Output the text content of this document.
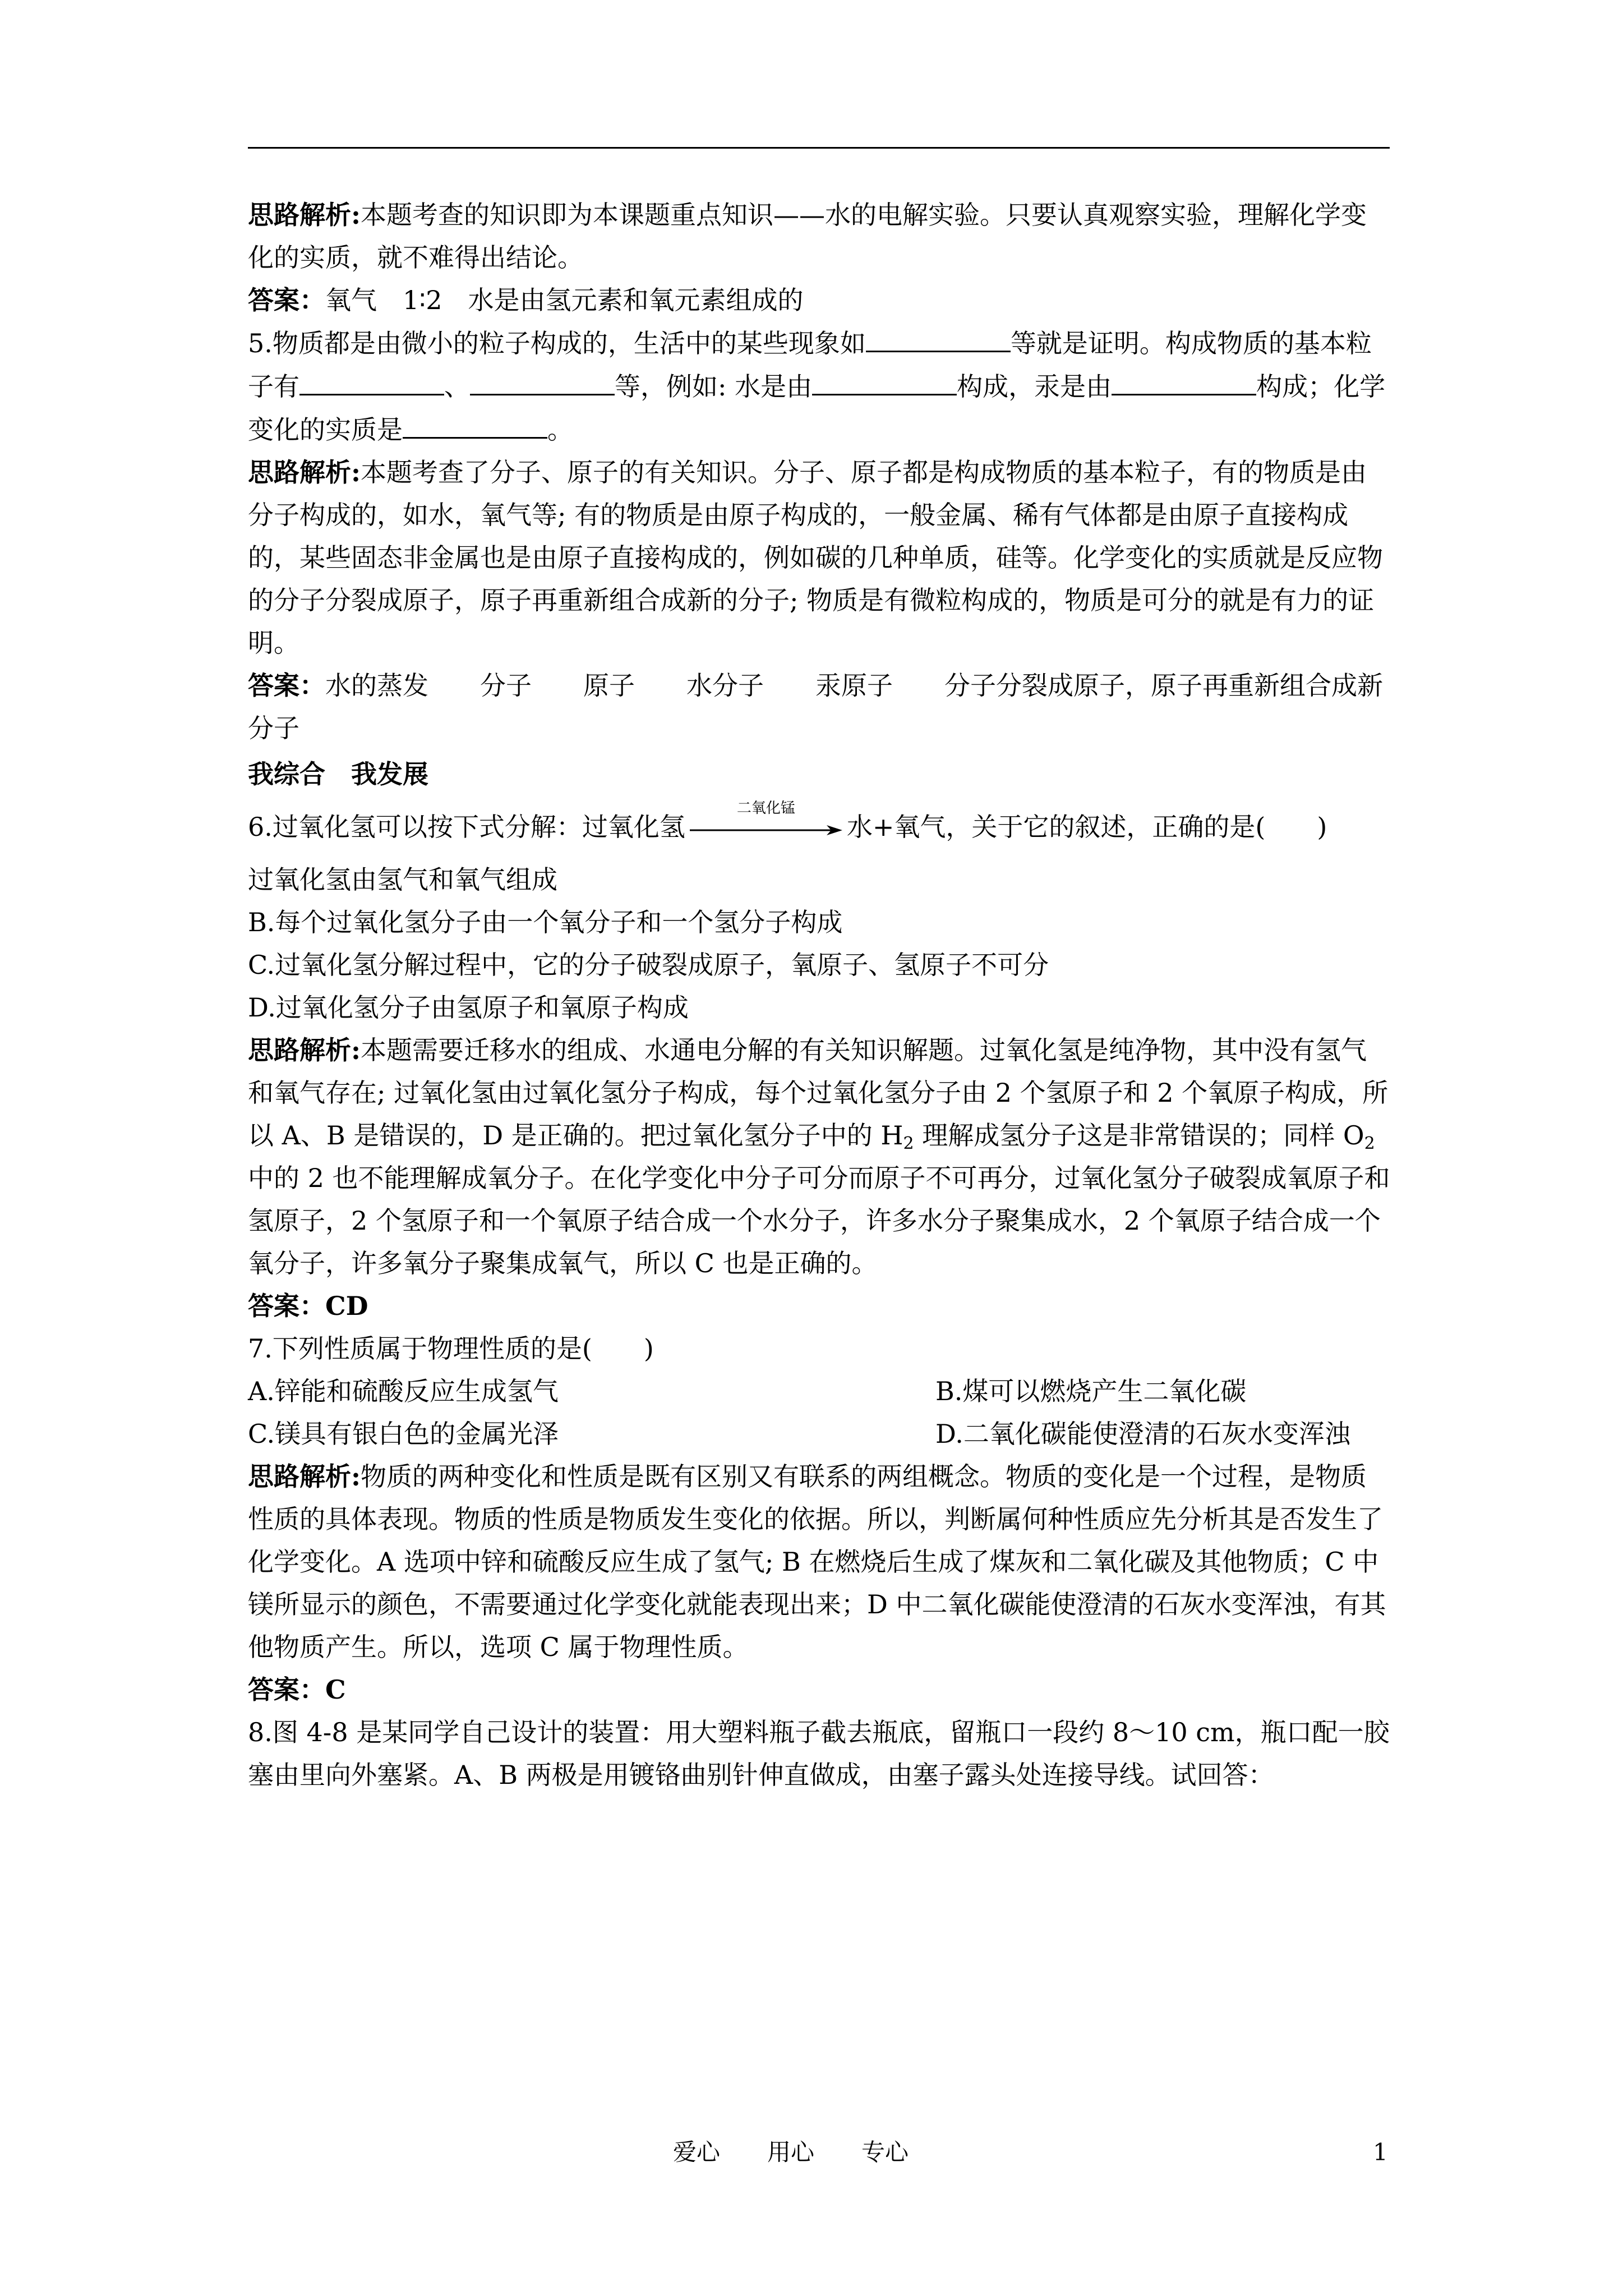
思路解析:本题考查的知识即为本课题重点知识——水的电解实验。只要认真观察实验，理解化学变化的实质，就不难得出结论。

答案：氧气 1∶2 水是由氢元素和氧元素组成的

5.物质都是由微小的粒子构成的，生活中的某些现象如	等就是证明。构成物质的基本粒子有	、	等，例如: 水是由	构成，汞是由	构成；化学变化的实质是	。

思路解析:本题考查了分子、原子的有关知识。分子、原子都是构成物质的基本粒子，有的物质是由分子构成的，如水，氧气等; 有的物质是由原子构成的，一般金属、稀有气体都是由原子直接构成的，某些固态非金属也是由原子直接构成的，例如碳的几种单质，硅等。化学变化的实质就是反应物的分子分裂成原子，原子再重新组合成新的分子; 物质是有微粒构成的，物质是可分的就是有力的证明。

答案：水的蒸发 分子 原子 水分子 汞原子 分子分裂成原子，原子再重新组合成新分子

我综合　我发展

6.过氧化氢可以按下式分解：过氧化氢
二氧化锰
水+氧气，关于它的叙述，正确的是(　　)

过氧化氢由氢气和氧气组成

B.每个过氧化氢分子由一个氧分子和一个氢分子构成

C.过氧化氢分解过程中，它的分子破裂成原子，氧原子、氢原子不可分

D.过氧化氢分子由氢原子和氧原子构成

思路解析:本题需要迁移水的组成、水通电分解的有关知识解题。过氧化氢是纯净物，其中没有氢气和氧气存在; 过氧化氢由过氧化氢分子构成，每个过氧化氢分子由 2 个氢原子和 2 个氧原子构成，所以 A、B 是错误的，D 是正确的。把过氧化氢分子中的 $H_2$ 理解成氢分子这是非常错误的；同样 $O_2$ 中的 2 也不能理解成氧分子。在化学变化中分子可分而原子不可再分，过氧化氢分子破裂成氧原子和氢原子，2 个氢原子和一个氧原子结合成一个水分子，许多水分子聚集成水，2 个氧原子结合成一个氧分子，许多氧分子聚集成氧气，所以 C 也是正确的。

答案：CD

7.下列性质属于物理性质的是(　　)

A.锌能和硫酸反应生成氢气	B.煤可以燃烧产生二氧化碳
C.镁具有银白色的金属光泽	D.二氧化碳能使澄清的石灰水变浑浊

思路解析:物质的两种变化和性质是既有区别又有联系的两组概念。物质的变化是一个过程，是物质性质的具体表现。物质的性质是物质发生变化的依据。所以，判断属何种性质应先分析其是否发生了化学变化。A 选项中锌和硫酸反应生成了氢气; B 在燃烧后生成了煤灰和二氧化碳及其他物质；C 中镁所显示的颜色，不需要通过化学变化就能表现出来；D 中二氧化碳能使澄清的石灰水变浑浊，有其他物质产生。所以，选项 C 属于物理性质。

答案：C

8.图 4-8 是某同学自己设计的装置：用大塑料瓶子截去瓶底，留瓶口一段约 8～10 cm，瓶口配一胶塞由里向外塞紧。A、B 两极是用镀铬曲别针伸直做成，由塞子露头处连接导线。试回答：

爱心　　用心　　专心	1
